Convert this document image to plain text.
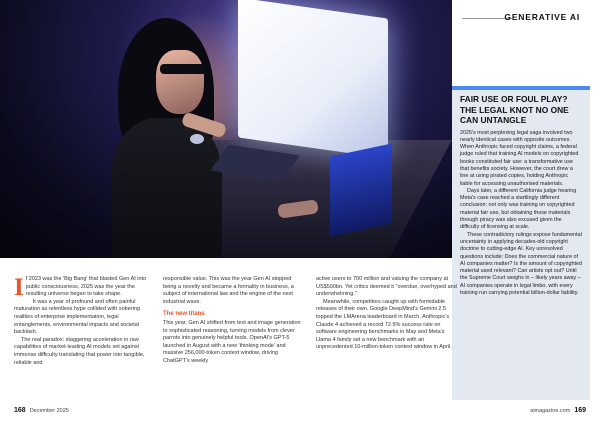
GENERATIVE AI
FAIR USE OR FOUL PLAY? THE LEGAL KNOT NO ONE CAN UNTANGLE

2025's most perplexing legal saga involved two nearly identical cases with opposite outcomes. When Anthropic faced copyright claims, a federal judge ruled that training AI models on copyrighted books constituted fair use: a transformative use that benefits society. However, the court drew a line at using pirated copies, holding Anthropic liable for accessing unauthorised materials.

Days later, a different California judge hearing Meta's case reached a startlingly different conclusion: not only was training on copyrighted material fair use, but obtaining those materials through piracy was also excused given the difficulty of licensing at scale.

These contradictory rulings expose fundamental uncertainty in applying decades-old copyright doctrine to cutting-edge AI. Key unresolved questions include: Does the commercial nature of AI companies matter? Is the amount of copyrighted material used relevant? Can artists opt out? Until the Supreme Court weighs in – likely years away – AI companies operate in legal limbo, with every training run carrying potential billion-dollar liability.

If 2023 was the 'Big Bang' that blasted Gen AI into public consciousness, 2025 was the year the resulting universe began to take shape.

It was a year of profound and often painful maturation as relentless hype collided with sobering realities of enterprise implementation, legal entanglements, environmental impacts and societal backlash.

The real paradox: staggering acceleration in raw capabilities of market-leading AI models set against immense difficulty translating that power into tangible, reliable and

responsible value. This was the year Gen AI stopped being a novelty and became a formality in business, a subject of international law and the engine of the next industrial wave.

The new titans

This year, Gen AI shifted from text and image generation to sophisticated reasoning, turning models from clever parrots into genuinely helpful tools. OpenAI's GPT-5 launched in August with a new 'thinking mode' and massive 256,000-token context window, driving ChatGPT's weekly

active users to 700 million and valuing the company at US$500bn. Yet critics deemed it "overdue, overhyped and underwhelming."

Meanwhile, competitors caught up with formidable releases of their own. Google DeepMind's Gemini 2.5 topped the LMArena leaderboard in March. Anthropic's Claude 4 achieved a record 72.5% success rate on software engineering benchmarks in May and Meta's Llama 4 family set a new benchmark with an unprecedented 10-million-token context window in April.

168 December 2025	aimagazine.com 169
